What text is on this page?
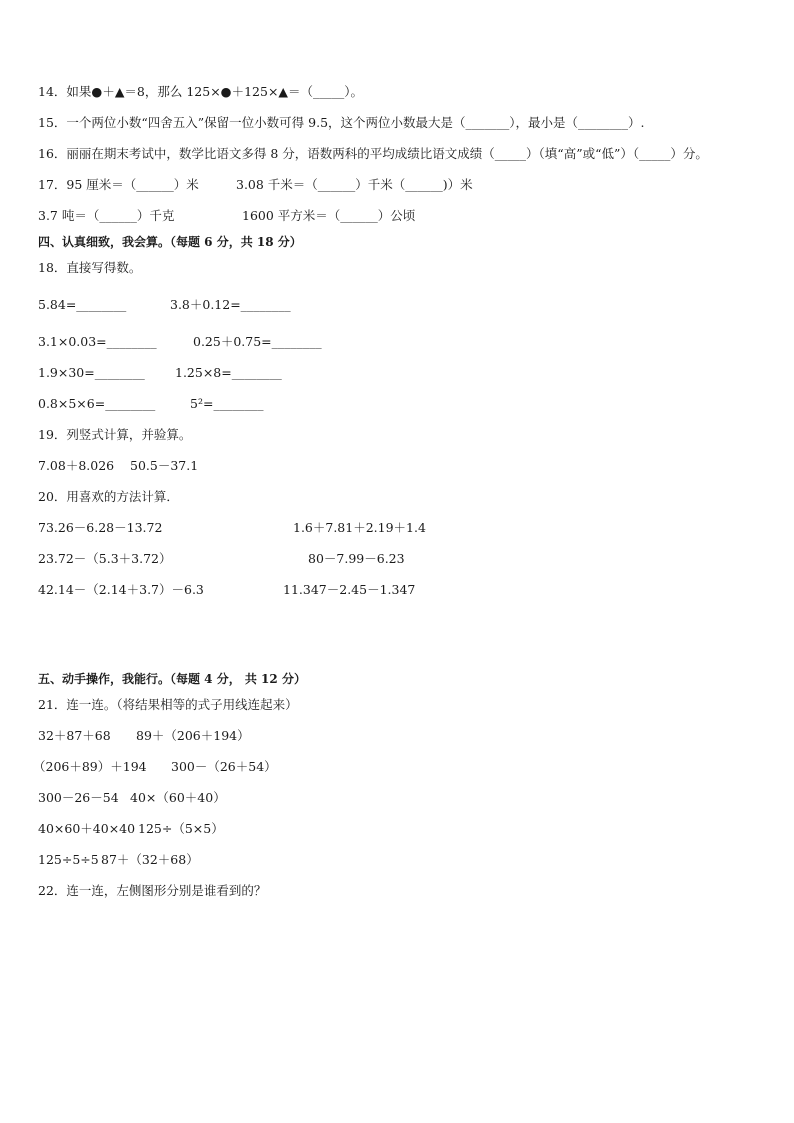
14．如果●＋▲＝8，那么 125×●＋125×▲＝（_____）。
15．一个两位小数“四舍五入”保留一位小数可得 9.5，这个两位小数最大是（_______），最小是（________）.
16．丽丽在期末考试中，数学比语文多得 8 分，语数两科的平均成绩比语文成绩（_____）（填“高”或“低”）（_____）分。
17．95 厘米＝（______）米	3.08 千米＝（______）千米（______)）米
3.7 吨＝（______）千克	1600 平方米＝（______）公顷
四、认真细致，我会算。（每题 6 分，共 18 分）
18．直接写得数。
5.84=________	3.8＋0.12=________
3.1×0.03=________	0.25＋0.75=________
1.9×30=________ 1.25×8=________
0.8×5×6=________	5²=________
19．列竖式计算，并验算。
7.08＋8.026 50.5－37.1
20．用喜欢的方法计算．
73.26－6.28－13.72	1.6＋7.81＋2.19＋1.4
23.72－（5.3＋3.72）	80－7.99－6.23
42.14－（2.14＋3.7）－6.3	11.347－2.45－1.347
五、动手操作，我能行。（每题 4 分， 共 12 分）
21．连一连。（将结果相等的式子用线连起来）
32＋87＋68 89＋（206＋194）
（206＋89）＋194 300－（26＋54）
300－26－54 40×（60＋40）
40×60＋40×40 125÷（5×5）
125÷5÷5 87＋（32＋68）
22．连一连，左侧图形分别是谁看到的？
